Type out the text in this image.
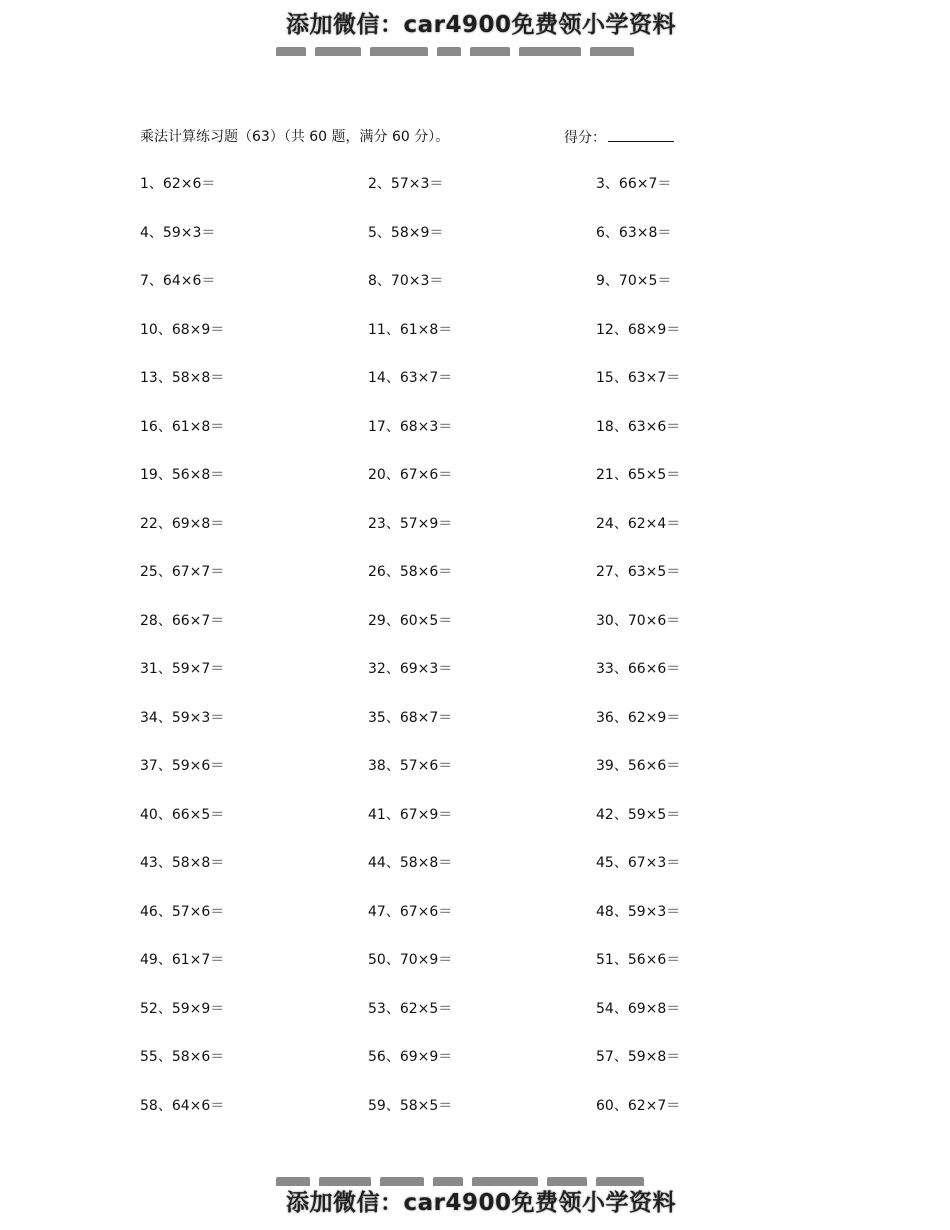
添加微信：car4900免费领小学资料
乘法计算练习题（63）（共 60 题，满分 60 分）。	得分：
1、62×6＝	2、57×3＝	3、66×7＝
4、59×3＝	5、58×9＝	6、63×8＝
7、64×6＝	8、70×3＝	9、70×5＝
10、68×9＝	11、61×8＝	12、68×9＝
13、58×8＝	14、63×7＝	15、63×7＝
16、61×8＝	17、68×3＝	18、63×6＝
19、56×8＝	20、67×6＝	21、65×5＝
22、69×8＝	23、57×9＝	24、62×4＝
25、67×7＝	26、58×6＝	27、63×5＝
28、66×7＝	29、60×5＝	30、70×6＝
31、59×7＝	32、69×3＝	33、66×6＝
34、59×3＝	35、68×7＝	36、62×9＝
37、59×6＝	38、57×6＝	39、56×6＝
40、66×5＝	41、67×9＝	42、59×5＝
43、58×8＝	44、58×8＝	45、67×3＝
46、57×6＝	47、67×6＝	48、59×3＝
49、61×7＝	50、70×9＝	51、56×6＝
52、59×9＝	53、62×5＝	54、69×8＝
55、58×6＝	56、69×9＝	57、59×8＝
58、64×6＝	59、58×5＝	60、62×7＝
添加微信：car4900免费领小学资料
